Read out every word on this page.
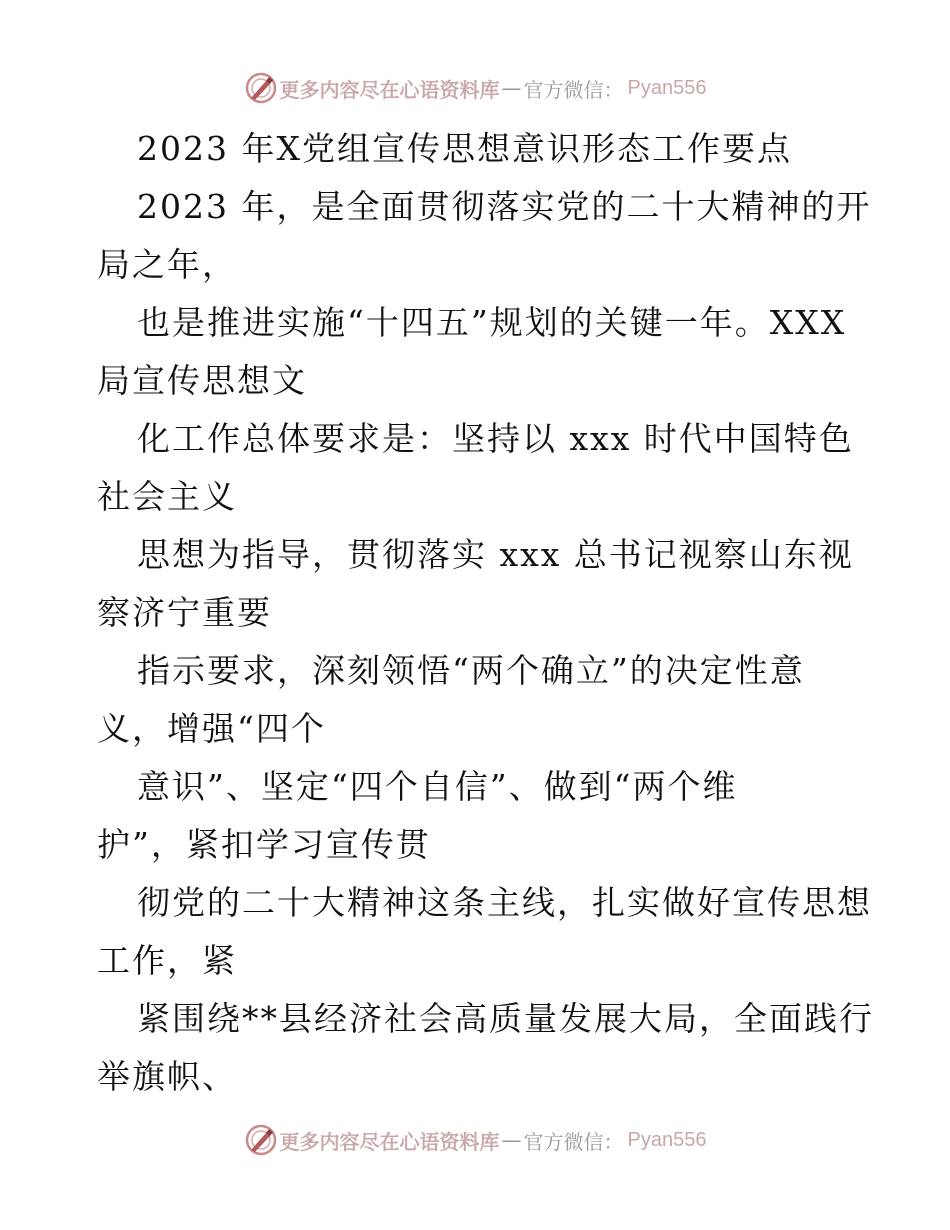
更多内容尽在心语资料库 — 官方微信： Pyan556
2023 年X党组宣传思想意识形态工作要点
2023 年，是全面贯彻落实党的二十大精神的开
局之年，
也是推进实施“十四五”规划的关键一年。XXX
局宣传思想文
化工作总体要求是：坚持以 xxx 时代中国特色
社会主义
思想为指导，贯彻落实 xxx 总书记视察山东视
察济宁重要
指示要求，深刻领悟“两个确立”的决定性意
义，增强“四个
意识”、坚定“四个自信”、做到“两个维
护”，紧扣学习宣传贯
彻党的二十大精神这条主线，扎实做好宣传思想
工作，紧
紧围绕**县经济社会高质量发展大局，全面践行
举旗帜、
更多内容尽在心语资料库 — 官方微信： Pyan556
